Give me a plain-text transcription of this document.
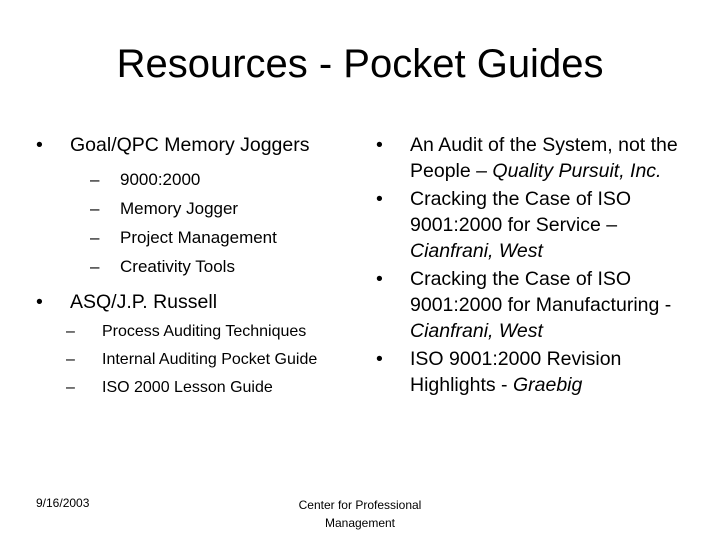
Resources - Pocket Guides
•	Goal/QPC Memory Joggers
–	9000:2000
–	Memory Jogger
–	Project Management
–	Creativity Tools
•	ASQ/J.P. Russell
–	Process Auditing Techniques
–	Internal Auditing Pocket Guide
–	ISO 2000 Lesson Guide
•	An Audit of the System, not the People – Quality Pursuit, Inc.
•	Cracking the Case of ISO 9001:2000 for Service – Cianfrani, West
•	Cracking the Case of ISO 9001:2000 for Manufacturing - Cianfrani, West
•	ISO 9001:2000 Revision Highlights - Graebig
9/16/2003	Center for Professional Management
